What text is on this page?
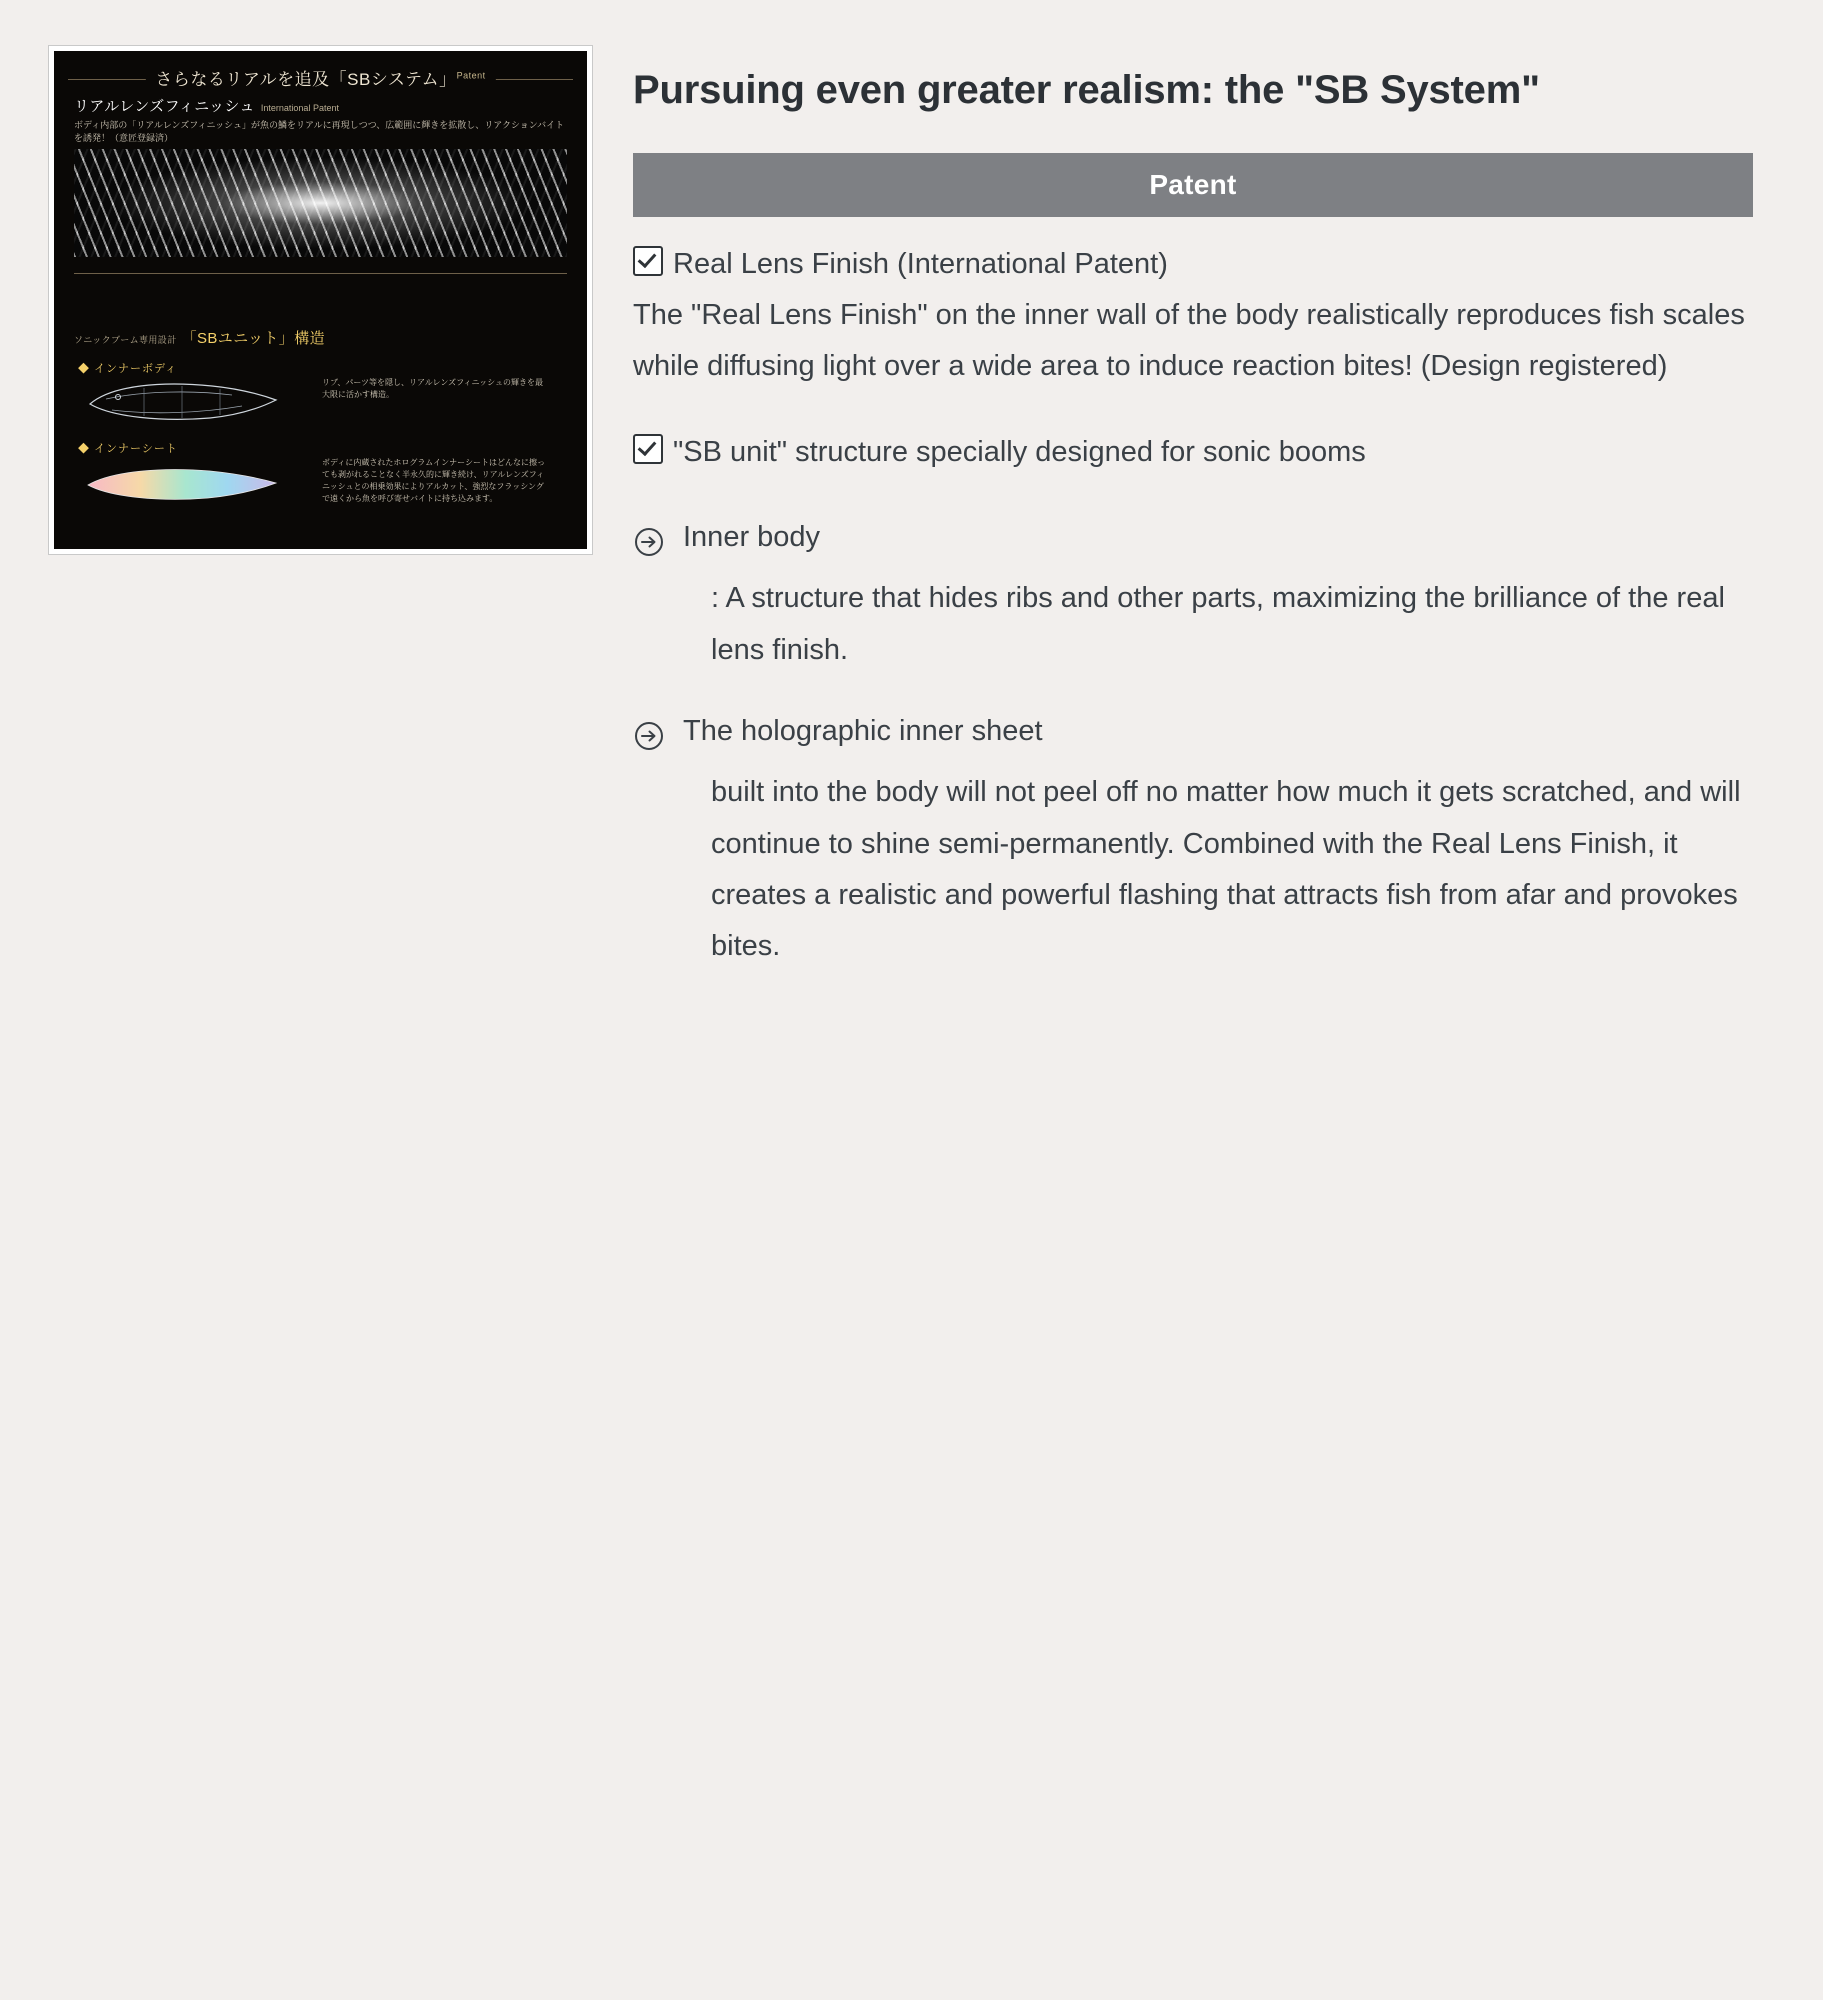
さらなるリアルを追及「SBシステム」$^{Patent}$
リアルレンズフィニッシュ International Patent
ボディ内部の「リアルレンズフィニッシュ」が魚の鱗をリアルに再現しつつ、広範囲に輝きを拡散し、リアクションバイトを誘発！（意匠登録済）
ソニックブーム専用設計 「SBユニット」構造
◆ インナーボディ
リブ、パーツ等を隠し、リアルレンズフィニッシュの輝きを最大限に活かす構造。
◆ インナーシート
ボディに内蔵されたホログラムインナーシートはどんなに擦っても剥がれることなく半永久的に輝き続け、リアルレンズフィニッシュとの相乗効果によりアルカット、強烈なフラッシングで遠くから魚を呼び寄せバイトに持ち込みます。
Pursuing even greater realism: the "SB System"
Patent

Real Lens Finish (International Patent)
The "Real Lens Finish" on the inner wall of the body realistically reproduces fish scales while diffusing light over a wide area to induce reaction bites! (Design registered)

"SB unit" structure specially designed for sonic booms

Inner body

: A structure that hides ribs and other parts, maximizing the brilliance of the real lens finish.

The holographic inner sheet

built into the body will not peel off no matter how much it gets scratched, and will continue to shine semi-permanently. Combined with the Real Lens Finish, it creates a realistic and powerful flashing that attracts fish from afar and provokes bites.
